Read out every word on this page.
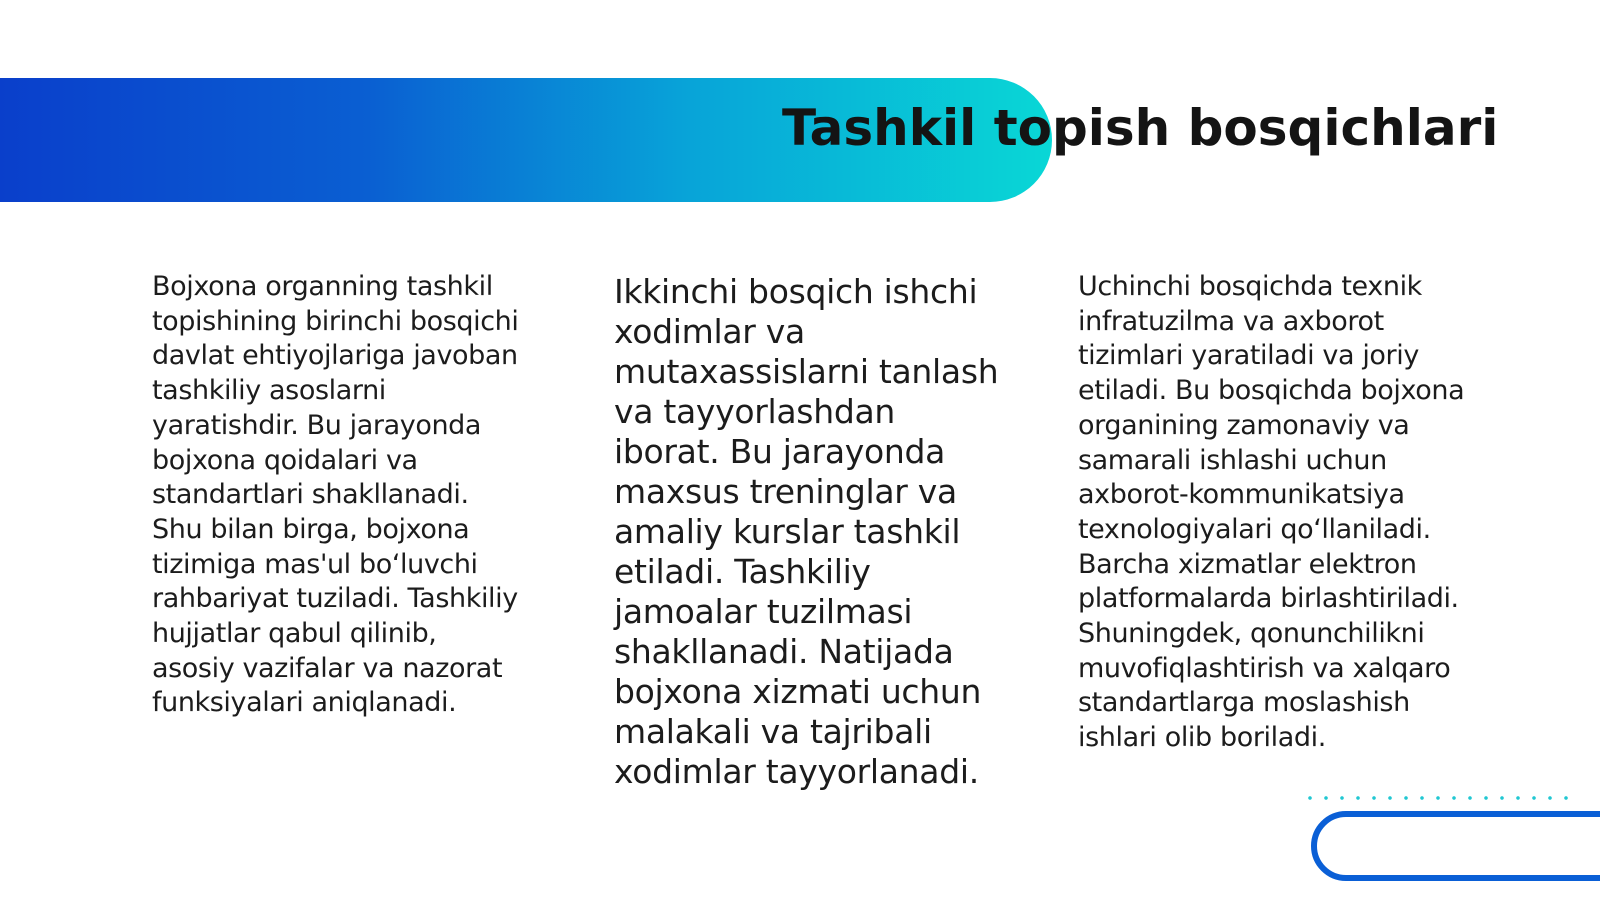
Tashkil topish bosqichlari

Bojxona organning tashkil topishining birinchi bosqichi davlat ehtiyojlariga javoban tashkiliy asoslarni yaratishdir. Bu jarayonda bojxona qoidalari va standartlari shakllanadi. Shu bilan birga, bojxona tizimiga mas'ul bo‘luvchi rahbariyat tuziladi. Tashkiliy hujjatlar qabul qilinib, asosiy vazifalar va nazorat funksiyalari aniqlanadi.

Ikkinchi bosqich ishchi xodimlar va mutaxassislarni tanlash va tayyorlashdan iborat. Bu jarayonda maxsus treninglar va amaliy kurslar tashkil etiladi. Tashkiliy jamoalar tuzilmasi shakllanadi. Natijada bojxona xizmati uchun malakali va tajribali xodimlar tayyorlanadi.

Uchinchi bosqichda texnik infratuzilma va axborot tizimlari yaratiladi va joriy etiladi. Bu bosqichda bojxona organining zamonaviy va samarali ishlashi uchun axborot-kommunikatsiya texnologiyalari qo‘llaniladi. Barcha xizmatlar elektron platformalarda birlashtiriladi. Shuningdek, qonunchilikni muvofiqlashtirish va xalqaro standartlarga moslashish ishlari olib boriladi.
